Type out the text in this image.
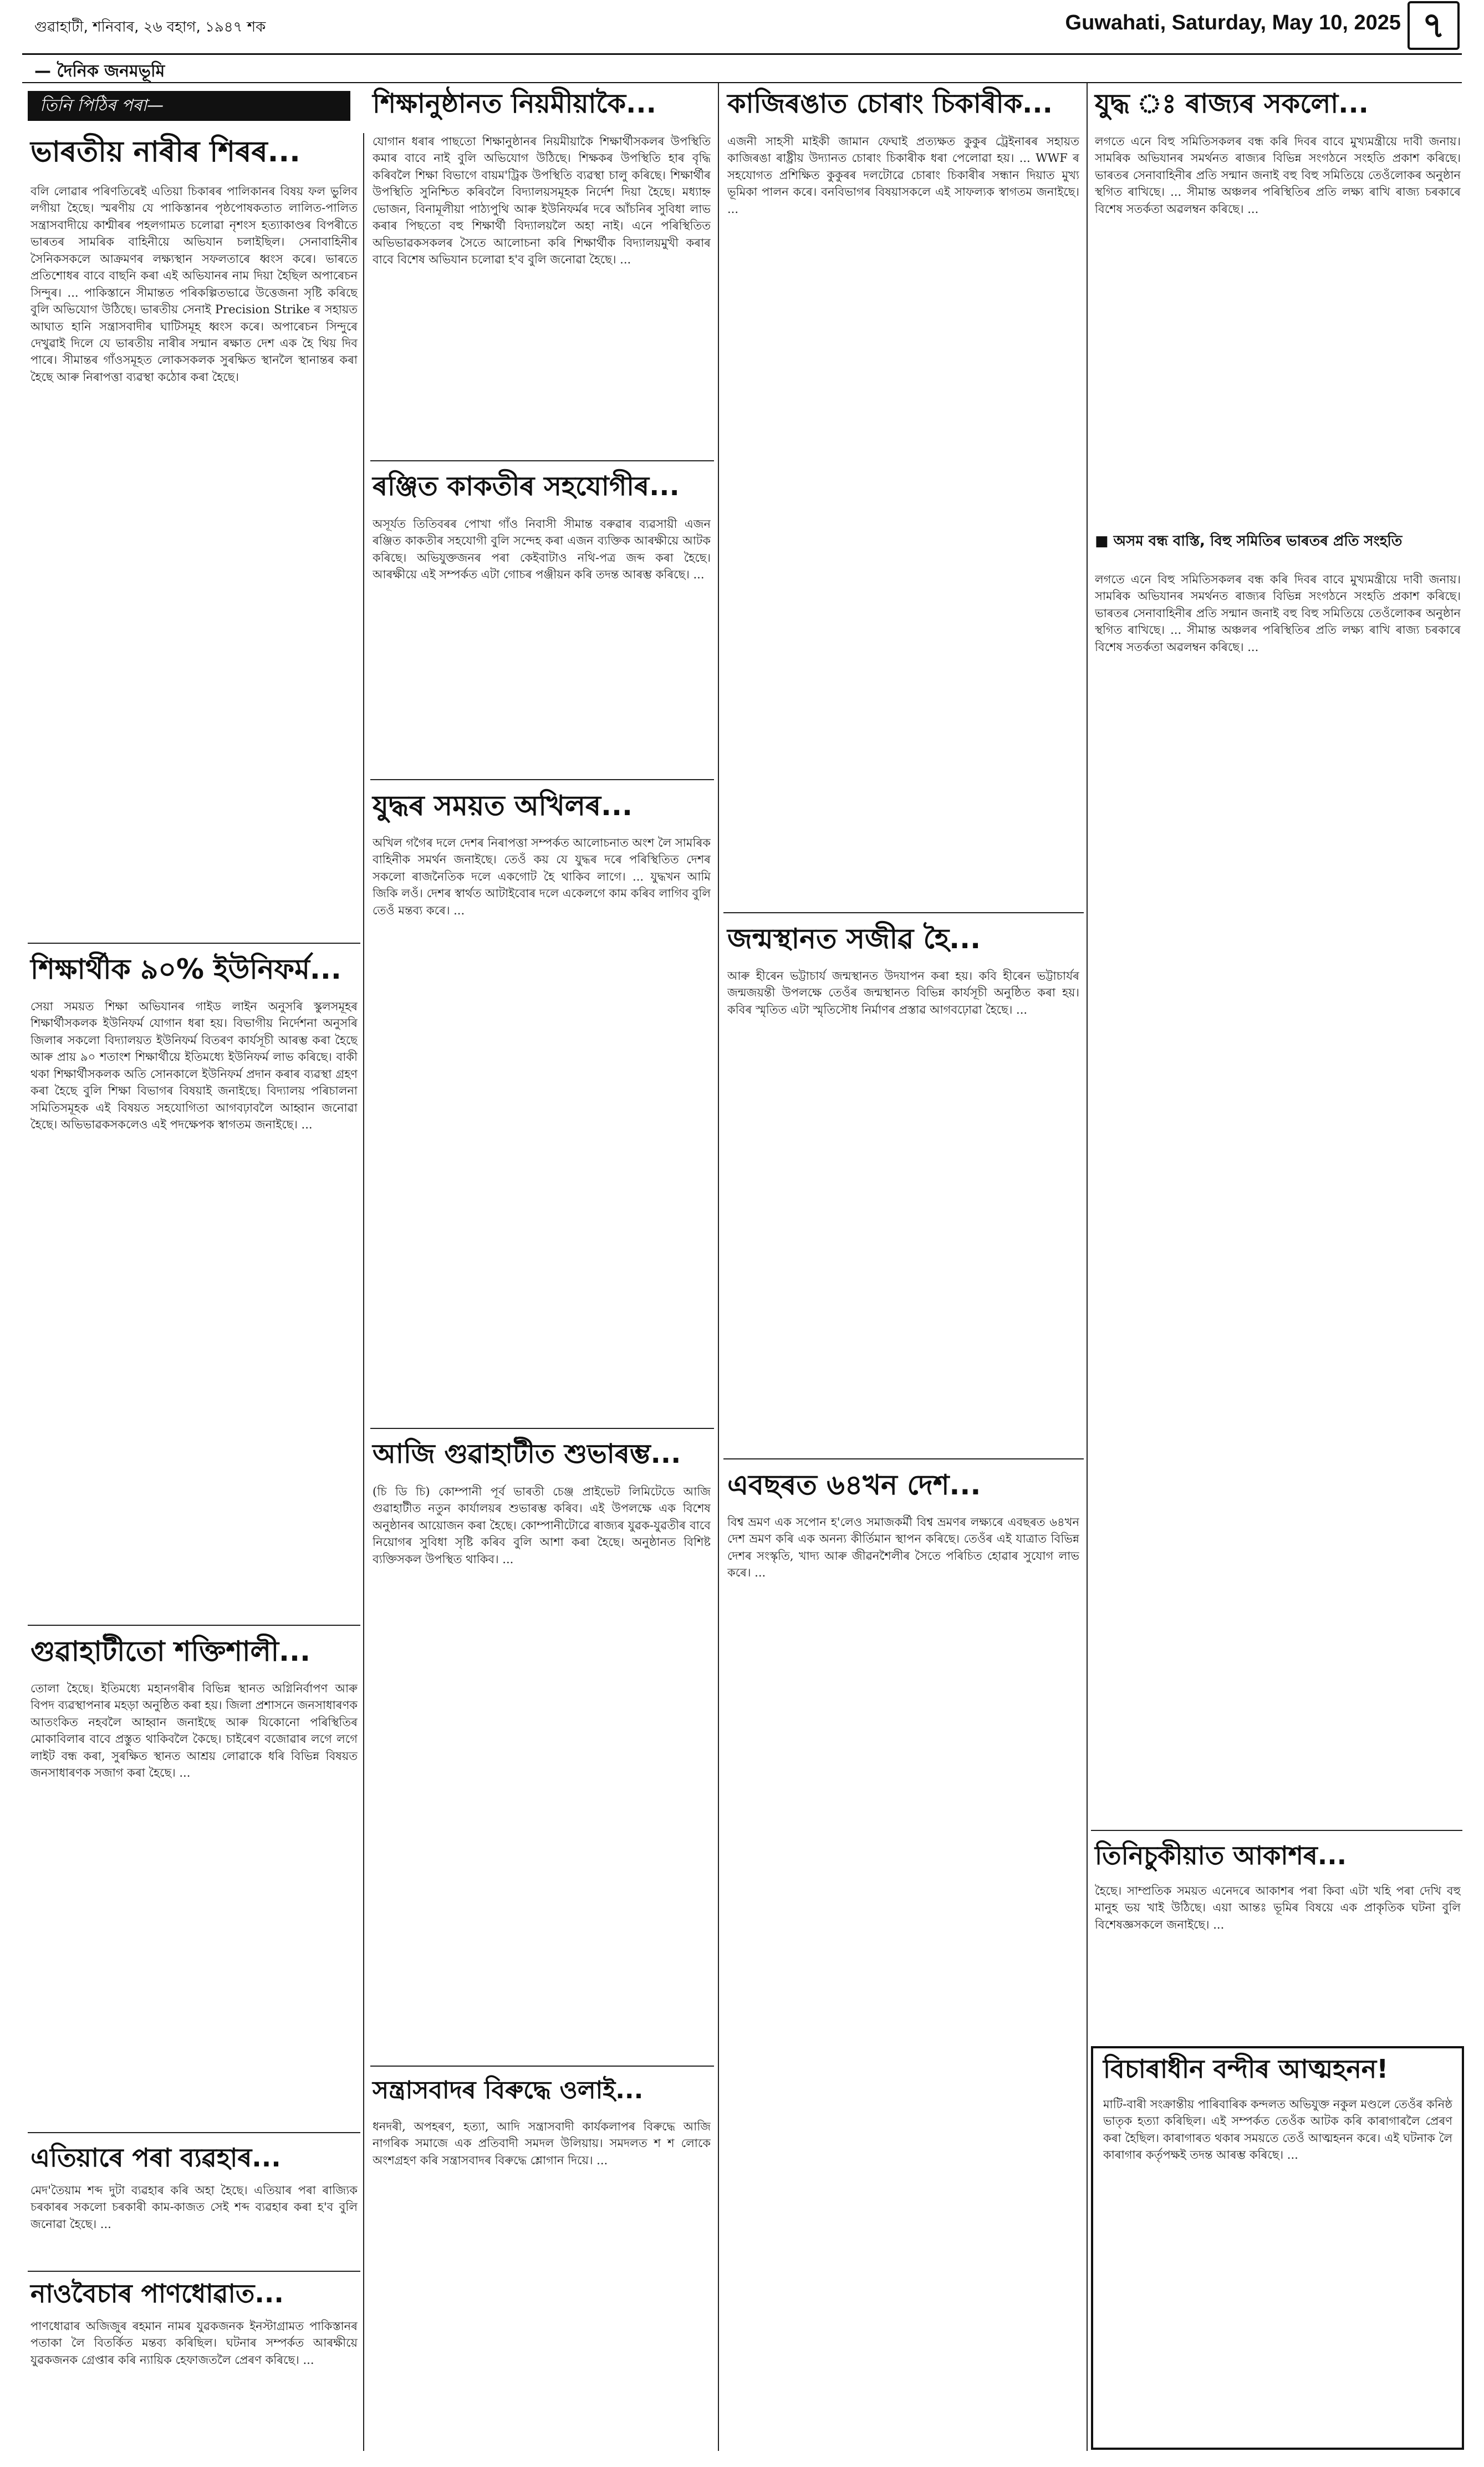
গুৱাহাটী, শনিবাৰ, ২৬ বহাগ, ১৯৪৭ শক	Guwahati, Saturday, May 10, 2025 ৭
— দৈনিক জনমভূমি
তিনি পিঠিৰ পৰা—
ভাৰতীয় নাৰীৰ শিৰৰ...
বলি লোৱাৰ পৰিণতিৰেই এতিয়া চিকাৰৰ পালিকানৰ বিষয় ফল ভুলিব লগীয়া হৈছে। স্মৰণীয় যে পাকিস্তানৰ পৃষ্ঠপোষকতাত লালিত-পালিত সন্ত্ৰাসবাদীয়ে কাশ্মীৰৰ পহলগামত চলোৱা নৃশংস হত্যাকাণ্ডৰ বিপৰীতে ভাৰতৰ সামৰিক বাহিনীয়ে অভিযান চলাইছিল। সেনাবাহিনীৰ সৈনিকসকলে আক্ৰমণৰ লক্ষ্যস্থান সফলতাৰে ধ্বংস কৰে। ভাৰতে প্ৰতিশোধৰ বাবে বাছনি কৰা এই অভিযানৰ নাম দিয়া হৈছিল অপাৰেচন সিন্দুৰ। ... পাকিস্তানে সীমান্তত পৰিকল্পিতভাৱে উত্তেজনা সৃষ্টি কৰিছে বুলি অভিযোগ উঠিছে। ভাৰতীয় সেনাই Precision Strike ৰ সহায়ত আঘাত হানি সন্ত্ৰাসবাদীৰ ঘাটিসমূহ ধ্বংস কৰে। অপাৰেচন সিন্দুৰে দেখুৱাই দিলে যে ভাৰতীয় নাৰীৰ সন্মান ৰক্ষাত দেশ এক হৈ থিয় দিব পাৰে। সীমান্তৰ গাঁওসমূহত লোকসকলক সুৰক্ষিত স্থানলৈ স্থানান্তৰ কৰা হৈছে আৰু নিৰাপত্তা ব্যৱস্থা কঠোৰ কৰা হৈছে।
শিক্ষাৰ্থীক ৯০% ইউনিফৰ্ম...
সেয়া সময়ত শিক্ষা অভিযানৰ গাইড লাইন অনুসৰি স্কুলসমূহৰ শিক্ষাৰ্থীসকলক ইউনিফৰ্ম যোগান ধৰা হয়। বিভাগীয় নিৰ্দেশনা অনুসৰি জিলাৰ সকলো বিদ্যালয়ত ইউনিফৰ্ম বিতৰণ কাৰ্যসূচী আৰম্ভ কৰা হৈছে আৰু প্ৰায় ৯০ শতাংশ শিক্ষাৰ্থীয়ে ইতিমধ্যে ইউনিফৰ্ম লাভ কৰিছে। বাকী থকা শিক্ষাৰ্থীসকলক অতি সোনকালে ইউনিফৰ্ম প্ৰদান কৰাৰ ব্যৱস্থা গ্ৰহণ কৰা হৈছে বুলি শিক্ষা বিভাগৰ বিষয়াই জনাইছে। বিদ্যালয় পৰিচালনা সমিতিসমূহক এই বিষয়ত সহযোগিতা আগবঢ়াবলৈ আহ্বান জনোৱা হৈছে। অভিভাৱকসকলেও এই পদক্ষেপক স্বাগতম জনাইছে। ...
গুৱাহাটীতো শক্তিশালী...
তোলা হৈছে। ইতিমধ্যে মহানগৰীৰ বিভিন্ন স্থানত অগ্নিনিৰ্বাপণ আৰু বিপদ ব্যৱস্থাপনাৰ মহড়া অনুষ্ঠিত কৰা হয়। জিলা প্ৰশাসনে জনসাধাৰণক আতংকিত নহবলৈ আহ্বান জনাইছে আৰু যিকোনো পৰিস্থিতিৰ মোকাবিলাৰ বাবে প্ৰস্তুত থাকিবলৈ কৈছে। চাইৰেণ বজোৱাৰ লগে লগে লাইট বন্ধ কৰা, সুৰক্ষিত স্থানত আশ্ৰয় লোৱাকে ধৰি বিভিন্ন বিষয়ত জনসাধাৰণক সজাগ কৰা হৈছে। ...
এতিয়াৰে পৰা ব্যৱহাৰ...
মেদ'তৈয়াম শব্দ দুটা ব্যৱহাৰ কৰি অহা হৈছে। এতিয়াৰ পৰা ৰাজ্যিক চৰকাৰৰ সকলো চৰকাৰী কাম-কাজত সেই শব্দ ব্যৱহাৰ কৰা হ'ব বুলি জনোৱা হৈছে। ...
নাওবৈচাৰ পাণধোৱাত...
পাণধোৱাৰ অজিজুৰ ৰহমান নামৰ যুৱকজনক ইনস্টাগ্ৰামত পাকিস্তানৰ পতাকা লৈ বিতৰ্কিত মন্তব্য কৰিছিল। ঘটনাৰ সম্পৰ্কত আৰক্ষীয়ে যুৱকজনক গ্ৰেপ্তাৰ কৰি ন্যায়িক হেফাজতলৈ প্ৰেৰণ কৰিছে। ...
শিক্ষানুষ্ঠানত নিয়মীয়াকৈ...
যোগান ধৰাৰ পাছতো শিক্ষানুষ্ঠানৰ নিয়মীয়াকৈ শিক্ষাৰ্থীসকলৰ উপস্থিতি কমাৰ বাবে নাই বুলি অভিযোগ উঠিছে। শিক্ষকৰ উপস্থিতি হাৰ বৃদ্ধি কৰিবলৈ শিক্ষা বিভাগে বায়ম'ট্ৰিক উপস্থিতি ব্যৱস্থা চালু কৰিছে। শিক্ষাৰ্থীৰ উপস্থিতি সুনিশ্চিত কৰিবলৈ বিদ্যালয়সমূহক নিৰ্দেশ দিয়া হৈছে। মধ্যাহ্ন ভোজন, বিনামূলীয়া পাঠ্যপুথি আৰু ইউনিফৰ্মৰ দৰে আঁচনিৰ সুবিধা লাভ কৰাৰ পিছতো বহু শিক্ষাৰ্থী বিদ্যালয়লৈ অহা নাই। এনে পৰিস্থিতিত অভিভাৱকসকলৰ সৈতে আলোচনা কৰি শিক্ষাৰ্থীক বিদ্যালয়মুখী কৰাৰ বাবে বিশেষ অভিযান চলোৱা হ'ব বুলি জনোৱা হৈছে। ...
ৰঞ্জিত কাকতীৰ সহযোগীৰ...
অসূৰ্যত তিতিবৰৰ পোখা গাঁও নিবাসী সীমান্ত বৰুৱাৰ ব্যৱসায়ী এজন ৰঞ্জিত কাকতীৰ সহযোগী বুলি সন্দেহ কৰা এজন ব্যক্তিক আৰক্ষীয়ে আটক কৰিছে। অভিযুক্তজনৰ পৰা কেইবাটাও নথি-পত্ৰ জব্দ কৰা হৈছে। আৰক্ষীয়ে এই সম্পৰ্কত এটা গোচৰ পঞ্জীয়ন কৰি তদন্ত আৰম্ভ কৰিছে। ...
যুদ্ধৰ সময়ত অখিলৰ...
অখিল গগৈৰ দলে দেশৰ নিৰাপত্তা সম্পৰ্কত আলোচনাত অংশ লৈ সামৰিক বাহিনীক সমৰ্থন জনাইছে। তেওঁ কয় যে যুদ্ধৰ দৰে পৰিস্থিতিত দেশৰ সকলো ৰাজনৈতিক দলে একগোট হৈ থাকিব লাগে। ... যুদ্ধখন আমি জিকি লওঁ। দেশৰ স্বাৰ্থত আটাইবোৰ দলে একেলগে কাম কৰিব লাগিব বুলি তেওঁ মন্তব্য কৰে। ...
আজি গুৱাহাটীত শুভাৰম্ভ...
(চি ডি চি) কোম্পানী পূৰ্ব ভাৰতী চেঞ্জ প্ৰাইভেট লিমিটেডে আজি গুৱাহাটীত নতুন কাৰ্যালয়ৰ শুভাৰম্ভ কৰিব। এই উপলক্ষে এক বিশেষ অনুষ্ঠানৰ আয়োজন কৰা হৈছে। কোম্পানীটোৱে ৰাজ্যৰ যুৱক-যুৱতীৰ বাবে নিয়োগৰ সুবিধা সৃষ্টি কৰিব বুলি আশা কৰা হৈছে। অনুষ্ঠানত বিশিষ্ট ব্যক্তিসকল উপস্থিত থাকিব। ...
সন্ত্ৰাসবাদৰ বিৰুদ্ধে ওলাই...
ধনদৰী, অপহৰণ, হত্যা, আদি সন্ত্ৰাসবাদী কাৰ্যকলাপৰ বিৰুদ্ধে আজি নাগৰিক সমাজে এক প্ৰতিবাদী সমদল উলিয়ায়। সমদলত শ শ লোকে অংশগ্ৰহণ কৰি সন্ত্ৰাসবাদৰ বিৰুদ্ধে শ্লোগান দিয়ে। ...
কাজিৰঙাত চোৰাং চিকাৰীক...
এজনী সাহসী মাইকী জামান ফেঘাই প্ৰত্যক্ষত কুকুৰ ট্ৰেইনাৰৰ সহায়ত কাজিৰঙা ৰাষ্ট্ৰীয় উদ্যানত চোৰাং চিকাৰীক ধৰা পেলোৱা হয়। ... WWF ৰ সহযোগত প্ৰশিক্ষিত কুকুৰৰ দলটোৱে চোৰাং চিকাৰীৰ সন্ধান দিয়াত মুখ্য ভূমিকা পালন কৰে। বনবিভাগৰ বিষয়াসকলে এই সাফল্যক স্বাগতম জনাইছে। ...
জন্মস্থানত সজীৱ হৈ...
আৰু হীৰেন ভট্টাচাৰ্য জন্মস্থানত উদযাপন কৰা হয়। কবি হীৰেন ভট্টাচাৰ্যৰ জন্মজয়ন্তী উপলক্ষে তেওঁৰ জন্মস্থানত বিভিন্ন কাৰ্যসূচী অনুষ্ঠিত কৰা হয়। কবিৰ স্মৃতিত এটা স্মৃতিসৌধ নিৰ্মাণৰ প্ৰস্তাৱ আগবঢ়োৱা হৈছে। ...
এবছৰত ৬৪খন দেশ...
বিশ্ব ভ্ৰমণ এক সপোন হ'লেও সমাজকৰ্মী বিশ্ব ভ্ৰমণৰ লক্ষ্যৰে এবছৰত ৬৪খন দেশ ভ্ৰমণ কৰি এক অনন্য কীৰ্তিমান স্থাপন কৰিছে। তেওঁৰ এই যাত্ৰাত বিভিন্ন দেশৰ সংস্কৃতি, খাদ্য আৰু জীৱনশৈলীৰ সৈতে পৰিচিত হোৱাৰ সুযোগ লাভ কৰে। ...
যুদ্ধ ঃ ৰাজ্যৰ সকলো...
লগতে এনে বিহু সমিতিসকলৰ বন্ধ কৰি দিবৰ বাবে মুখ্যমন্ত্ৰীয়ে দাবী জনায়। সামৰিক অভিযানৰ সমৰ্থনত ৰাজ্যৰ বিভিন্ন সংগঠনে সংহতি প্ৰকাশ কৰিছে। ভাৰতৰ সেনাবাহিনীৰ প্ৰতি সন্মান জনাই বহু বিহু সমিতিয়ে তেওঁলোকৰ অনুষ্ঠান স্থগিত ৰাখিছে। ... সীমান্ত অঞ্চলৰ পৰিস্থিতিৰ প্ৰতি লক্ষ্য ৰাখি ৰাজ্য চৰকাৰে বিশেষ সতৰ্কতা অৱলম্বন কৰিছে। ...
■ অসম বন্ধ বাস্তি, বিহু সমিতিৰ ভাৰতৰ প্ৰতি সংহতি
লগতে এনে বিহু সমিতিসকলৰ বন্ধ কৰি দিবৰ বাবে মুখ্যমন্ত্ৰীয়ে দাবী জনায়। সামৰিক অভিযানৰ সমৰ্থনত ৰাজ্যৰ বিভিন্ন সংগঠনে সংহতি প্ৰকাশ কৰিছে। ভাৰতৰ সেনাবাহিনীৰ প্ৰতি সন্মান জনাই বহু বিহু সমিতিয়ে তেওঁলোকৰ অনুষ্ঠান স্থগিত ৰাখিছে। ... সীমান্ত অঞ্চলৰ পৰিস্থিতিৰ প্ৰতি লক্ষ্য ৰাখি ৰাজ্য চৰকাৰে বিশেষ সতৰ্কতা অৱলম্বন কৰিছে। ...
তিনিচুকীয়াত আকাশৰ...
হৈছে। সাম্প্ৰতিক সময়ত এনেদৰে আকাশৰ পৰা কিবা এটা খহি পৰা দেখি বহু মানুহ ভয় খাই উঠিছে। এয়া আন্তঃ ভূমিৰ বিষয়ে এক প্ৰাকৃতিক ঘটনা বুলি বিশেষজ্ঞসকলে জনাইছে। ...
বিচাৰাধীন বন্দীৰ আত্মহনন!
মাটি-বাৰী সংক্ৰান্তীয় পাৰিবাৰিক কন্দলত অভিযুক্ত নকুল মণ্ডলে তেওঁৰ কনিষ্ঠ ভাতৃক হত্যা কৰিছিল। এই সম্পৰ্কত তেওঁক আটক কৰি কাৰাগাৰলৈ প্ৰেৰণ কৰা হৈছিল। কাৰাগাৰত থকাৰ সময়তে তেওঁ আত্মহনন কৰে। এই ঘটনাক লৈ কাৰাগাৰ কৰ্তৃপক্ষই তদন্ত আৰম্ভ কৰিছে। ...
